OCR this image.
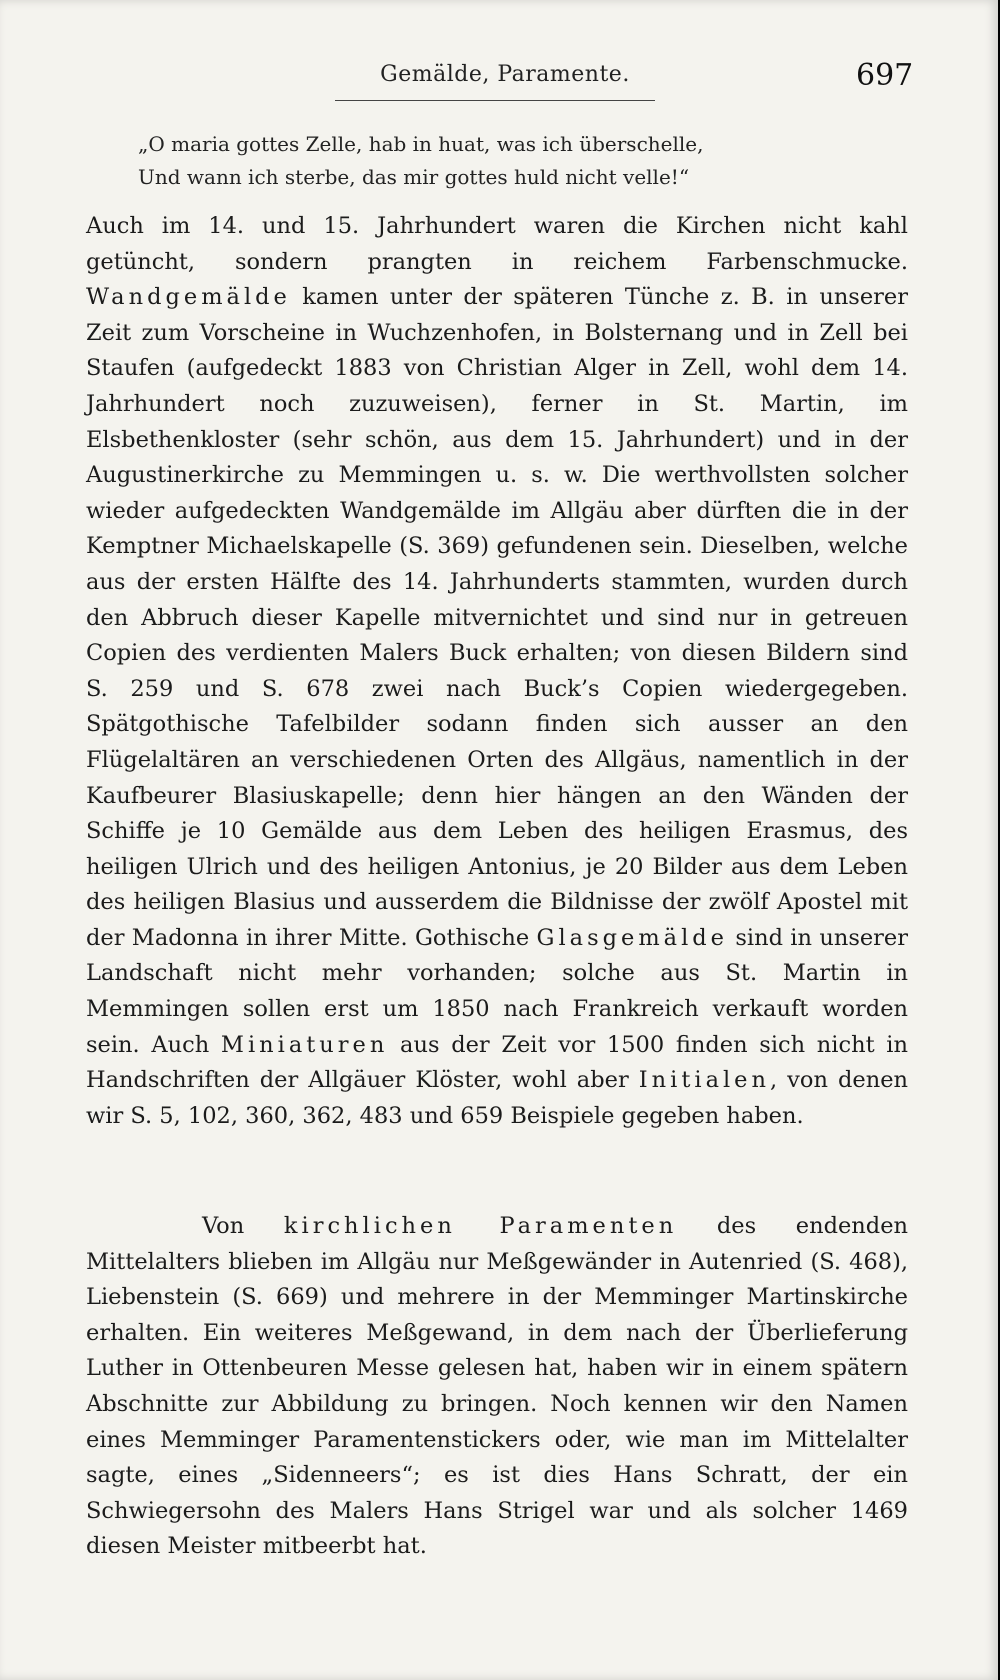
Gemälde, Paramente.	697
„O maria gottes Zelle, hab in huat, was ich überschelle,
Und wann ich sterbe, das mir gottes huld nicht velle!“

Auch im 14. und 15. Jahrhundert waren die Kirchen nicht kahl getüncht, sondern prangten in reichem Farbenschmucke. Wandgemälde kamen unter der späteren Tünche z. B. in unserer Zeit zum Vorscheine in Wuchzenhofen, in Bolsternang und in Zell bei Staufen (aufgedeckt 1883 von Christian Alger in Zell, wohl dem 14. Jahrhundert noch zuzuweisen), ferner in St. Martin, im Elsbethenkloster (sehr schön, aus dem 15. Jahrhundert) und in der Augustinerkirche zu Memmingen u. s. w. Die werthvollsten solcher wieder aufgedeckten Wandgemälde im Allgäu aber dürften die in der Kemptner Michaelskapelle (S. 369) gefundenen sein. Dieselben, welche aus der ersten Hälfte des 14. Jahrhunderts stammten, wurden durch den Abbruch dieser Kapelle mitvernichtet und sind nur in getreuen Copien des verdienten Malers Buck erhalten; von diesen Bildern sind S. 259 und S. 678 zwei nach Buck’s Copien wiedergegeben. Spätgothische Tafelbilder sodann finden sich ausser an den Flügelaltären an verschiedenen Orten des Allgäus, namentlich in der Kaufbeurer Blasiuskapelle; denn hier hängen an den Wänden der Schiffe je 10 Gemälde aus dem Leben des heiligen Erasmus, des heiligen Ulrich und des heiligen Antonius, je 20 Bilder aus dem Leben des heiligen Blasius und ausserdem die Bildnisse der zwölf Apostel mit der Madonna in ihrer Mitte. Gothische Glasgemälde sind in unserer Landschaft nicht mehr vorhanden; solche aus St. Martin in Memmingen sollen erst um 1850 nach Frankreich verkauft worden sein. Auch Miniaturen aus der Zeit vor 1500 finden sich nicht in Handschriften der Allgäuer Klöster, wohl aber Initialen, von denen wir S. 5, 102, 360, 362, 483 und 659 Beispiele gegeben haben.

Von kirchlichen Paramenten des endenden Mittelalters blieben im Allgäu nur Meßgewänder in Autenried (S. 468), Liebenstein (S. 669) und mehrere in der Memminger Martinskirche erhalten. Ein weiteres Meßgewand, in dem nach der Überlieferung Luther in Ottenbeuren Messe gelesen hat, haben wir in einem spätern Abschnitte zur Abbildung zu bringen. Noch kennen wir den Namen eines Memminger Paramentenstickers oder, wie man im Mittelalter sagte, eines „Sidenneers“; es ist dies Hans Schratt, der ein Schwiegersohn des Malers Hans Strigel war und als solcher 1469 diesen Meister mitbeerbt hat.
